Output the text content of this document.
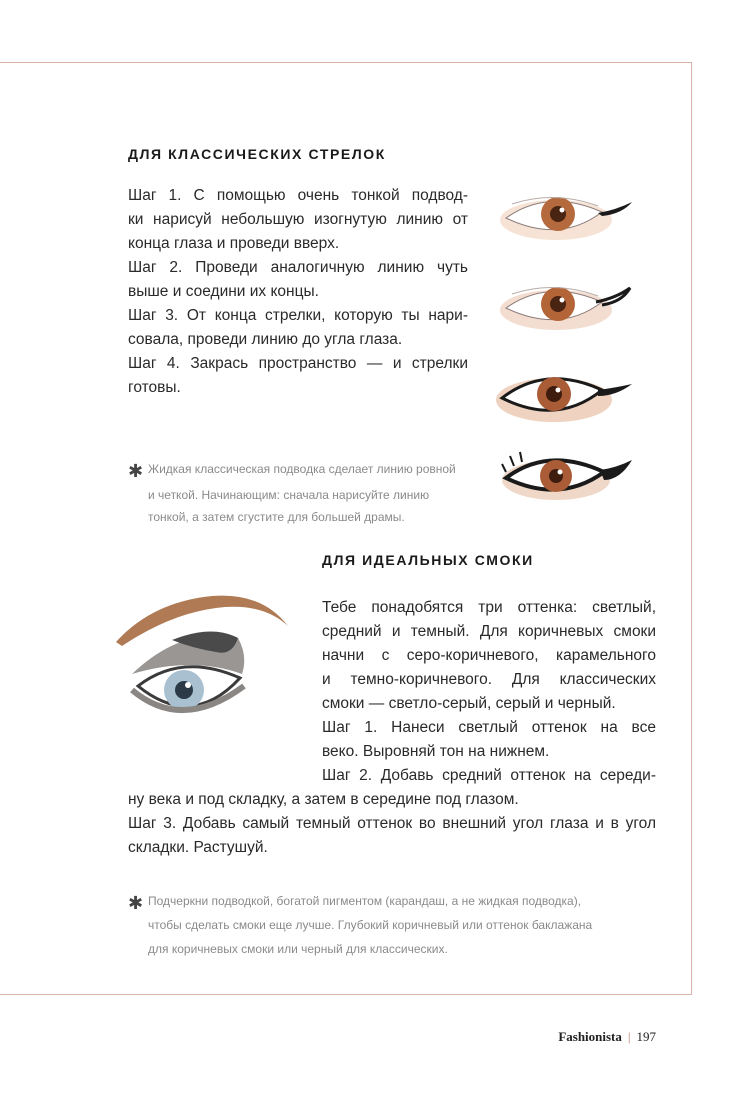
ДЛЯ КЛАССИЧЕСКИХ СТРЕЛОК
Шаг 1. С помощью очень тонкой подвод-
ки нарисуй небольшую изогнутую линию от
конца глаза и проведи вверх.
Шаг 2. Проведи аналогичную линию чуть
выше и соедини их концы.
Шаг 3. От конца стрелки, которую ты нари-
совала, проведи линию до угла глаза.
Шаг 4. Закрась пространство — и стрелки
готовы.
✱ Жидкая классическая подводка сделает линию ровной
и четкой. Начинающим: сначала нарисуйте линию
тонкой, а затем сгустите для большей драмы.
ДЛЯ ИДЕАЛЬНЫХ СМОКИ
Тебе понадобятся три оттенка: светлый,
средний и темный. Для коричневых смоки
начни с серо-коричневого, карамельного
и темно-коричневого. Для классических
смоки — светло-серый, серый и черный.
Шаг 1. Нанеси светлый оттенок на все
веко. Выровняй тон на нижнем.
Шаг 2. Добавь средний оттенок на середи-
ну века и под складку, а затем в середине под глазом.
Шаг 3. Добавь самый темный оттенок во внешний угол глаза и в угол
складки. Растушуй.
✱ Подчеркни подводкой, богатой пигментом (карандаш, а не жидкая подводка),
чтобы сделать смоки еще лучше. Глубокий коричневый или оттенок баклажана
для коричневых смоки или черный для классических.
Fashionista | 197
